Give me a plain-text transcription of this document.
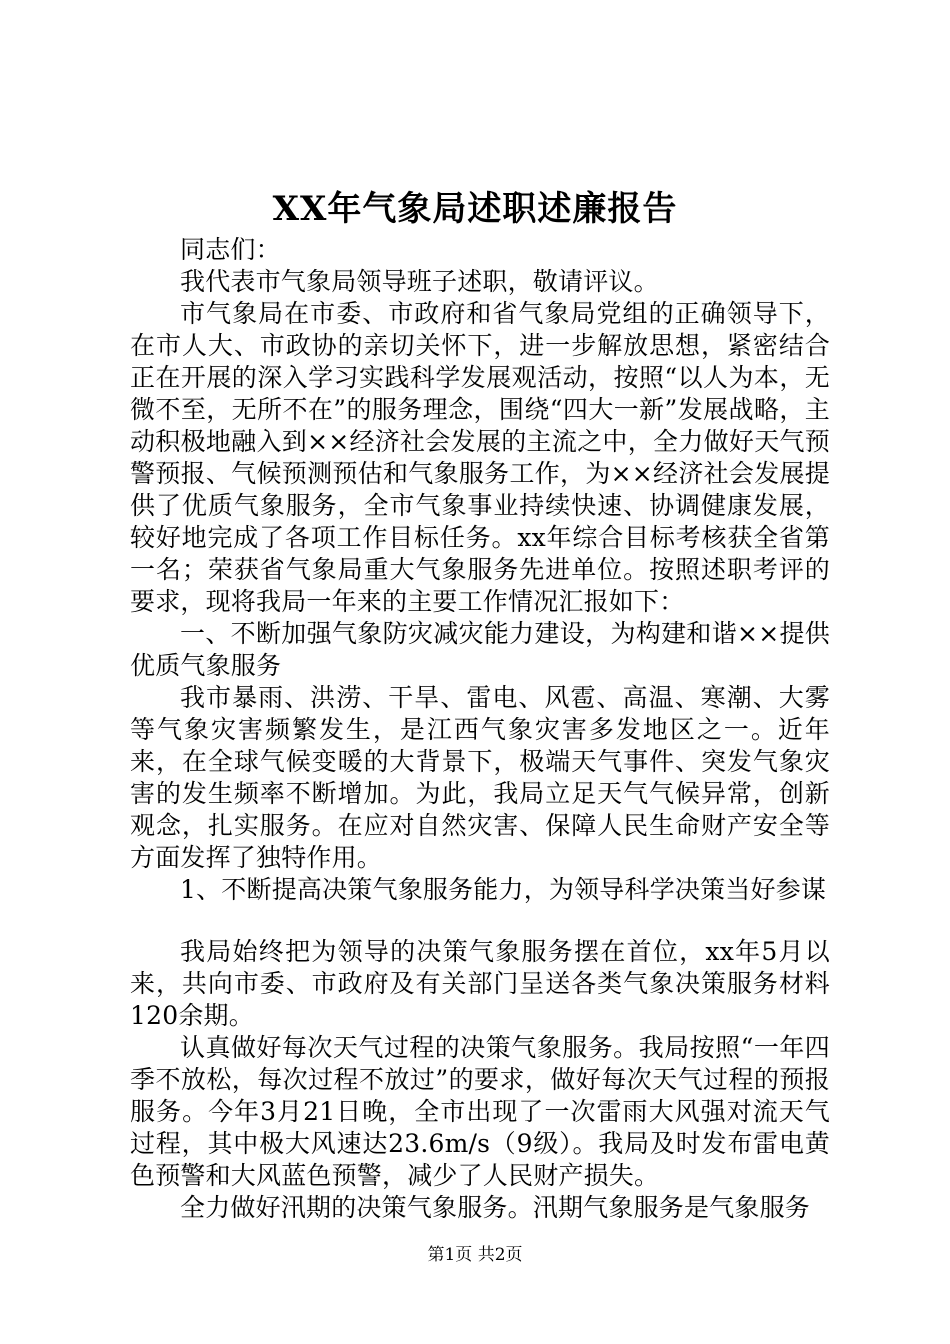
XX年气象局述职述廉报告

同志们：

我代表市气象局领导班子述职，敬请评议。

市气象局在市委、市政府和省气象局党组的正确领导下，在市人大、市政协的亲切关怀下，进一步解放思想，紧密结合正在开展的深入学习实践科学发展观活动，按照“以人为本，无微不至，无所不在”的服务理念，围绕“四大一新”发展战略，主动积极地融入到××经济社会发展的主流之中，全力做好天气预警预报、气候预测预估和气象服务工作，为××经济社会发展提供了优质气象服务，全市气象事业持续快速、协调健康发展，较好地完成了各项工作目标任务。xx年综合目标考核获全省第一名；荣获省气象局重大气象服务先进单位。按照述职考评的要求，现将我局一年来的主要工作情况汇报如下：

一、不断加强气象防灾减灾能力建设，为构建和谐××提供优质气象服务

我市暴雨、洪涝、干旱、雷电、风雹、高温、寒潮、大雾等气象灾害频繁发生，是江西气象灾害多发地区之一。近年来，在全球气候变暖的大背景下，极端天气事件、突发气象灾害的发生频率不断增加。为此，我局立足天气气候异常，创新观念，扎实服务。在应对自然灾害、保障人民生命财产安全等方面发挥了独特作用。

1、不断提高决策气象服务能力，为领导科学决策当好参谋

我局始终把为领导的决策气象服务摆在首位，xx年5月以来，共向市委、市政府及有关部门呈送各类气象决策服务材料120余期。

认真做好每次天气过程的决策气象服务。我局按照“一年四季不放松，每次过程不放过”的要求，做好每次天气过程的预报服务。今年3月21日晚，全市出现了一次雷雨大风强对流天气过程，其中极大风速达23.6m/s（9级）。我局及时发布雷电黄色预警和大风蓝色预警，减少了人民财产损失。

全力做好汛期的决策气象服务。汛期气象服务是气象服务

第1页 共2页
